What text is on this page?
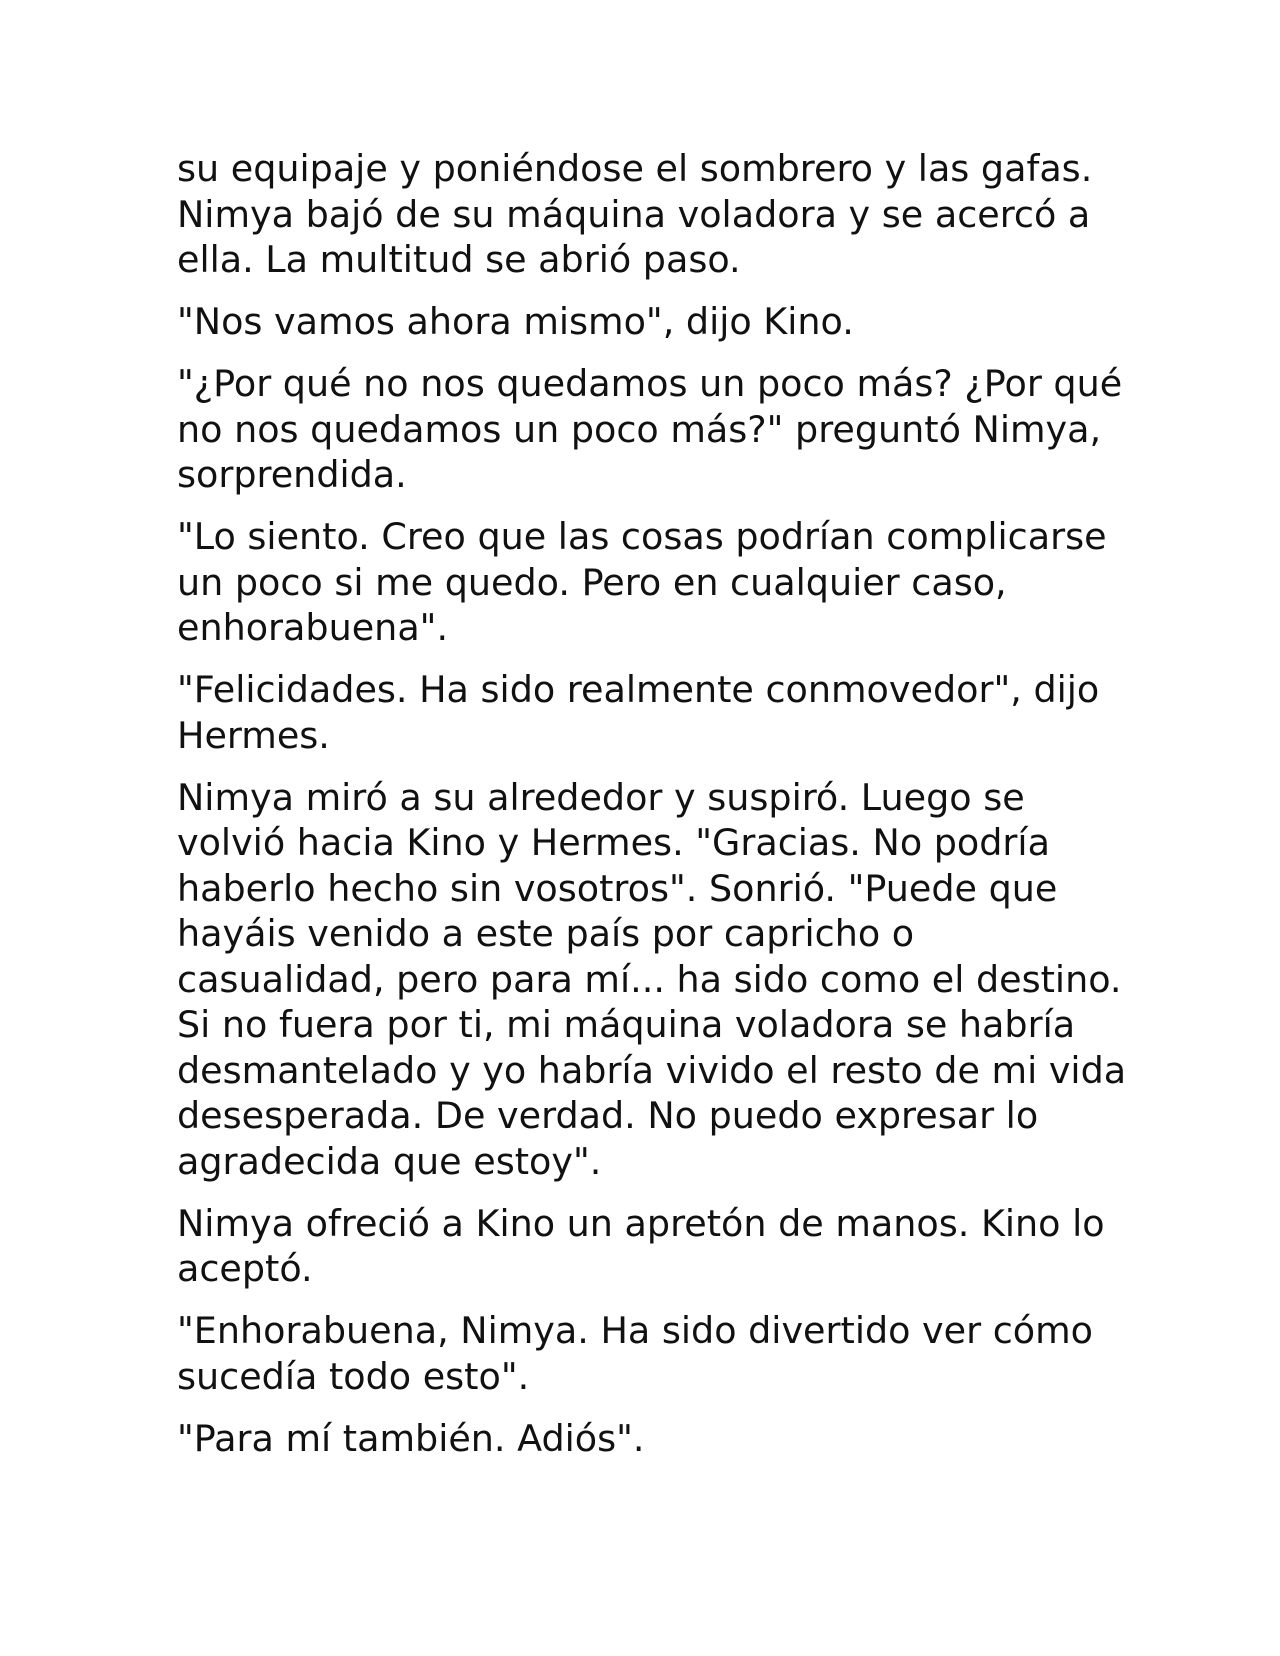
su equipaje y poniéndose el sombrero y las gafas. Nimya bajó de su máquina voladora y se acercó a ella. La multitud se abrió paso.

"Nos vamos ahora mismo", dijo Kino.

"¿Por qué no nos quedamos un poco más? ¿Por qué no nos quedamos un poco más?" preguntó Nimya, sorprendida.

"Lo siento. Creo que las cosas podrían complicarse un poco si me quedo. Pero en cualquier caso, enhorabuena".

"Felicidades. Ha sido realmente conmovedor", dijo Hermes.

Nimya miró a su alrededor y suspiró. Luego se volvió hacia Kino y Hermes. "Gracias. No podría haberlo hecho sin vosotros". Sonrió. "Puede que hayáis venido a este país por capricho o casualidad, pero para mí... ha sido como el destino. Si no fuera por ti, mi máquina voladora se habría desmantelado y yo habría vivido el resto de mi vida desesperada. De verdad. No puedo expresar lo agradecida que estoy".

Nimya ofreció a Kino un apretón de manos. Kino lo aceptó.

"Enhorabuena, Nimya. Ha sido divertido ver cómo sucedía todo esto".

"Para mí también. Adiós".
